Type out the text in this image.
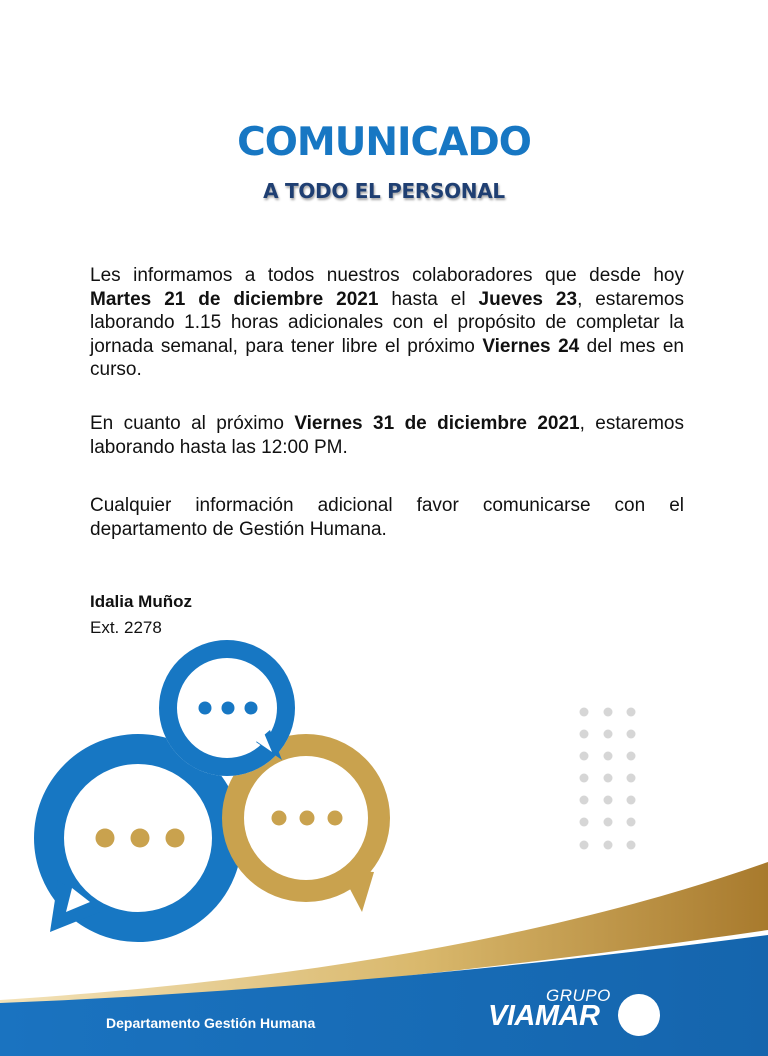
COMUNICADO
A TODO EL PERSONAL

Les informamos a todos nuestros colaboradores que desde hoy Martes 21 de diciembre 2021 hasta el Jueves 23, estaremos laborando 1.15 horas adicionales con el propósito de completar la jornada semanal, para tener libre el próximo Viernes 24 del mes en curso.

En cuanto al próximo Viernes 31 de diciembre 2021, estaremos laborando hasta las 12:00 PM.

Cualquier información adicional favor comunicarse con el departamento de Gestión Humana.

Idalia Muñoz
Ext. 2278
Departamento Gestión Humana
GRUPO
VIAMAR
